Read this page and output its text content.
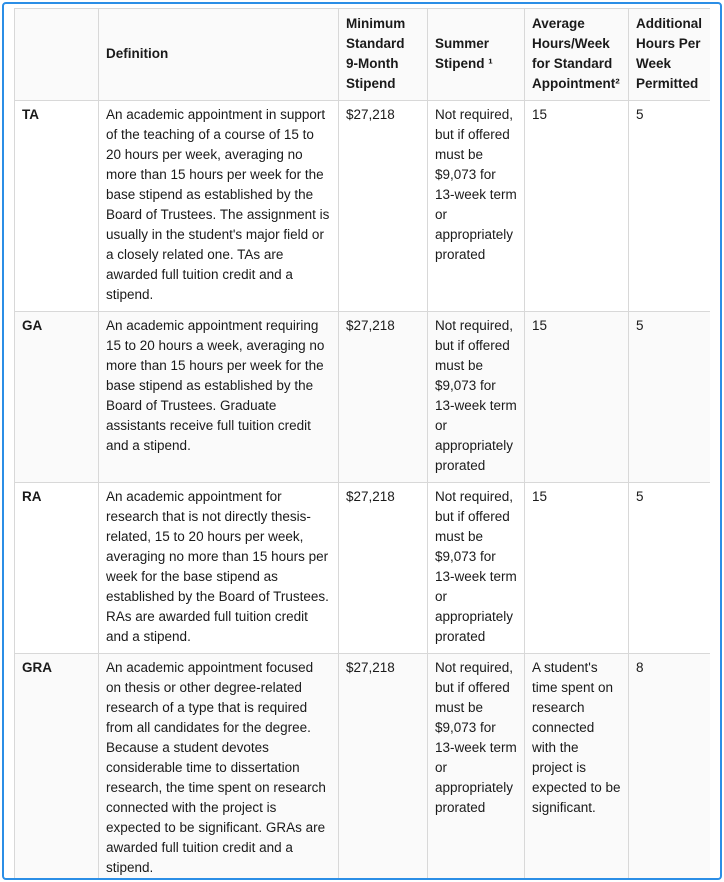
	Definition	Minimum Standard 9-Month Stipend	Summer Stipend ¹	Average Hours/Week for Standard Appointment²	Additional Hours Per Week Permitted
TA	An academic appointment in support of the teaching of a course of 15 to 20 hours per week, averaging no more than 15 hours per week for the base stipend as established by the Board of Trustees. The assignment is usually in the student's major field or a closely related one. TAs are awarded full tuition credit and a stipend.	$27,218	Not required, but if offered must be $9,073 for 13-week term or appropriately prorated	15	5
GA	An academic appointment requiring 15 to 20 hours a week, averaging no more than 15 hours per week for the base stipend as established by the Board of Trustees. Graduate assistants receive full tuition credit and a stipend.	$27,218	Not required, but if offered must be $9,073 for 13-week term or appropriately prorated	15	5
RA	An academic appointment for research that is not directly thesis-related, 15 to 20 hours per week, averaging no more than 15 hours per week for the base stipend as established by the Board of Trustees. RAs are awarded full tuition credit and a stipend.	$27,218	Not required, but if offered must be $9,073 for 13-week term or appropriately prorated	15	5
GRA	An academic appointment focused on thesis or other degree-related research of a type that is required from all candidates for the degree. Because a student devotes considerable time to dissertation research, the time spent on research connected with the project is expected to be significant. GRAs are awarded full tuition credit and a stipend.	$27,218	Not required, but if offered must be $9,073 for 13-week term or appropriately prorated	A student's time spent on research connected with the project is expected to be significant.	8
